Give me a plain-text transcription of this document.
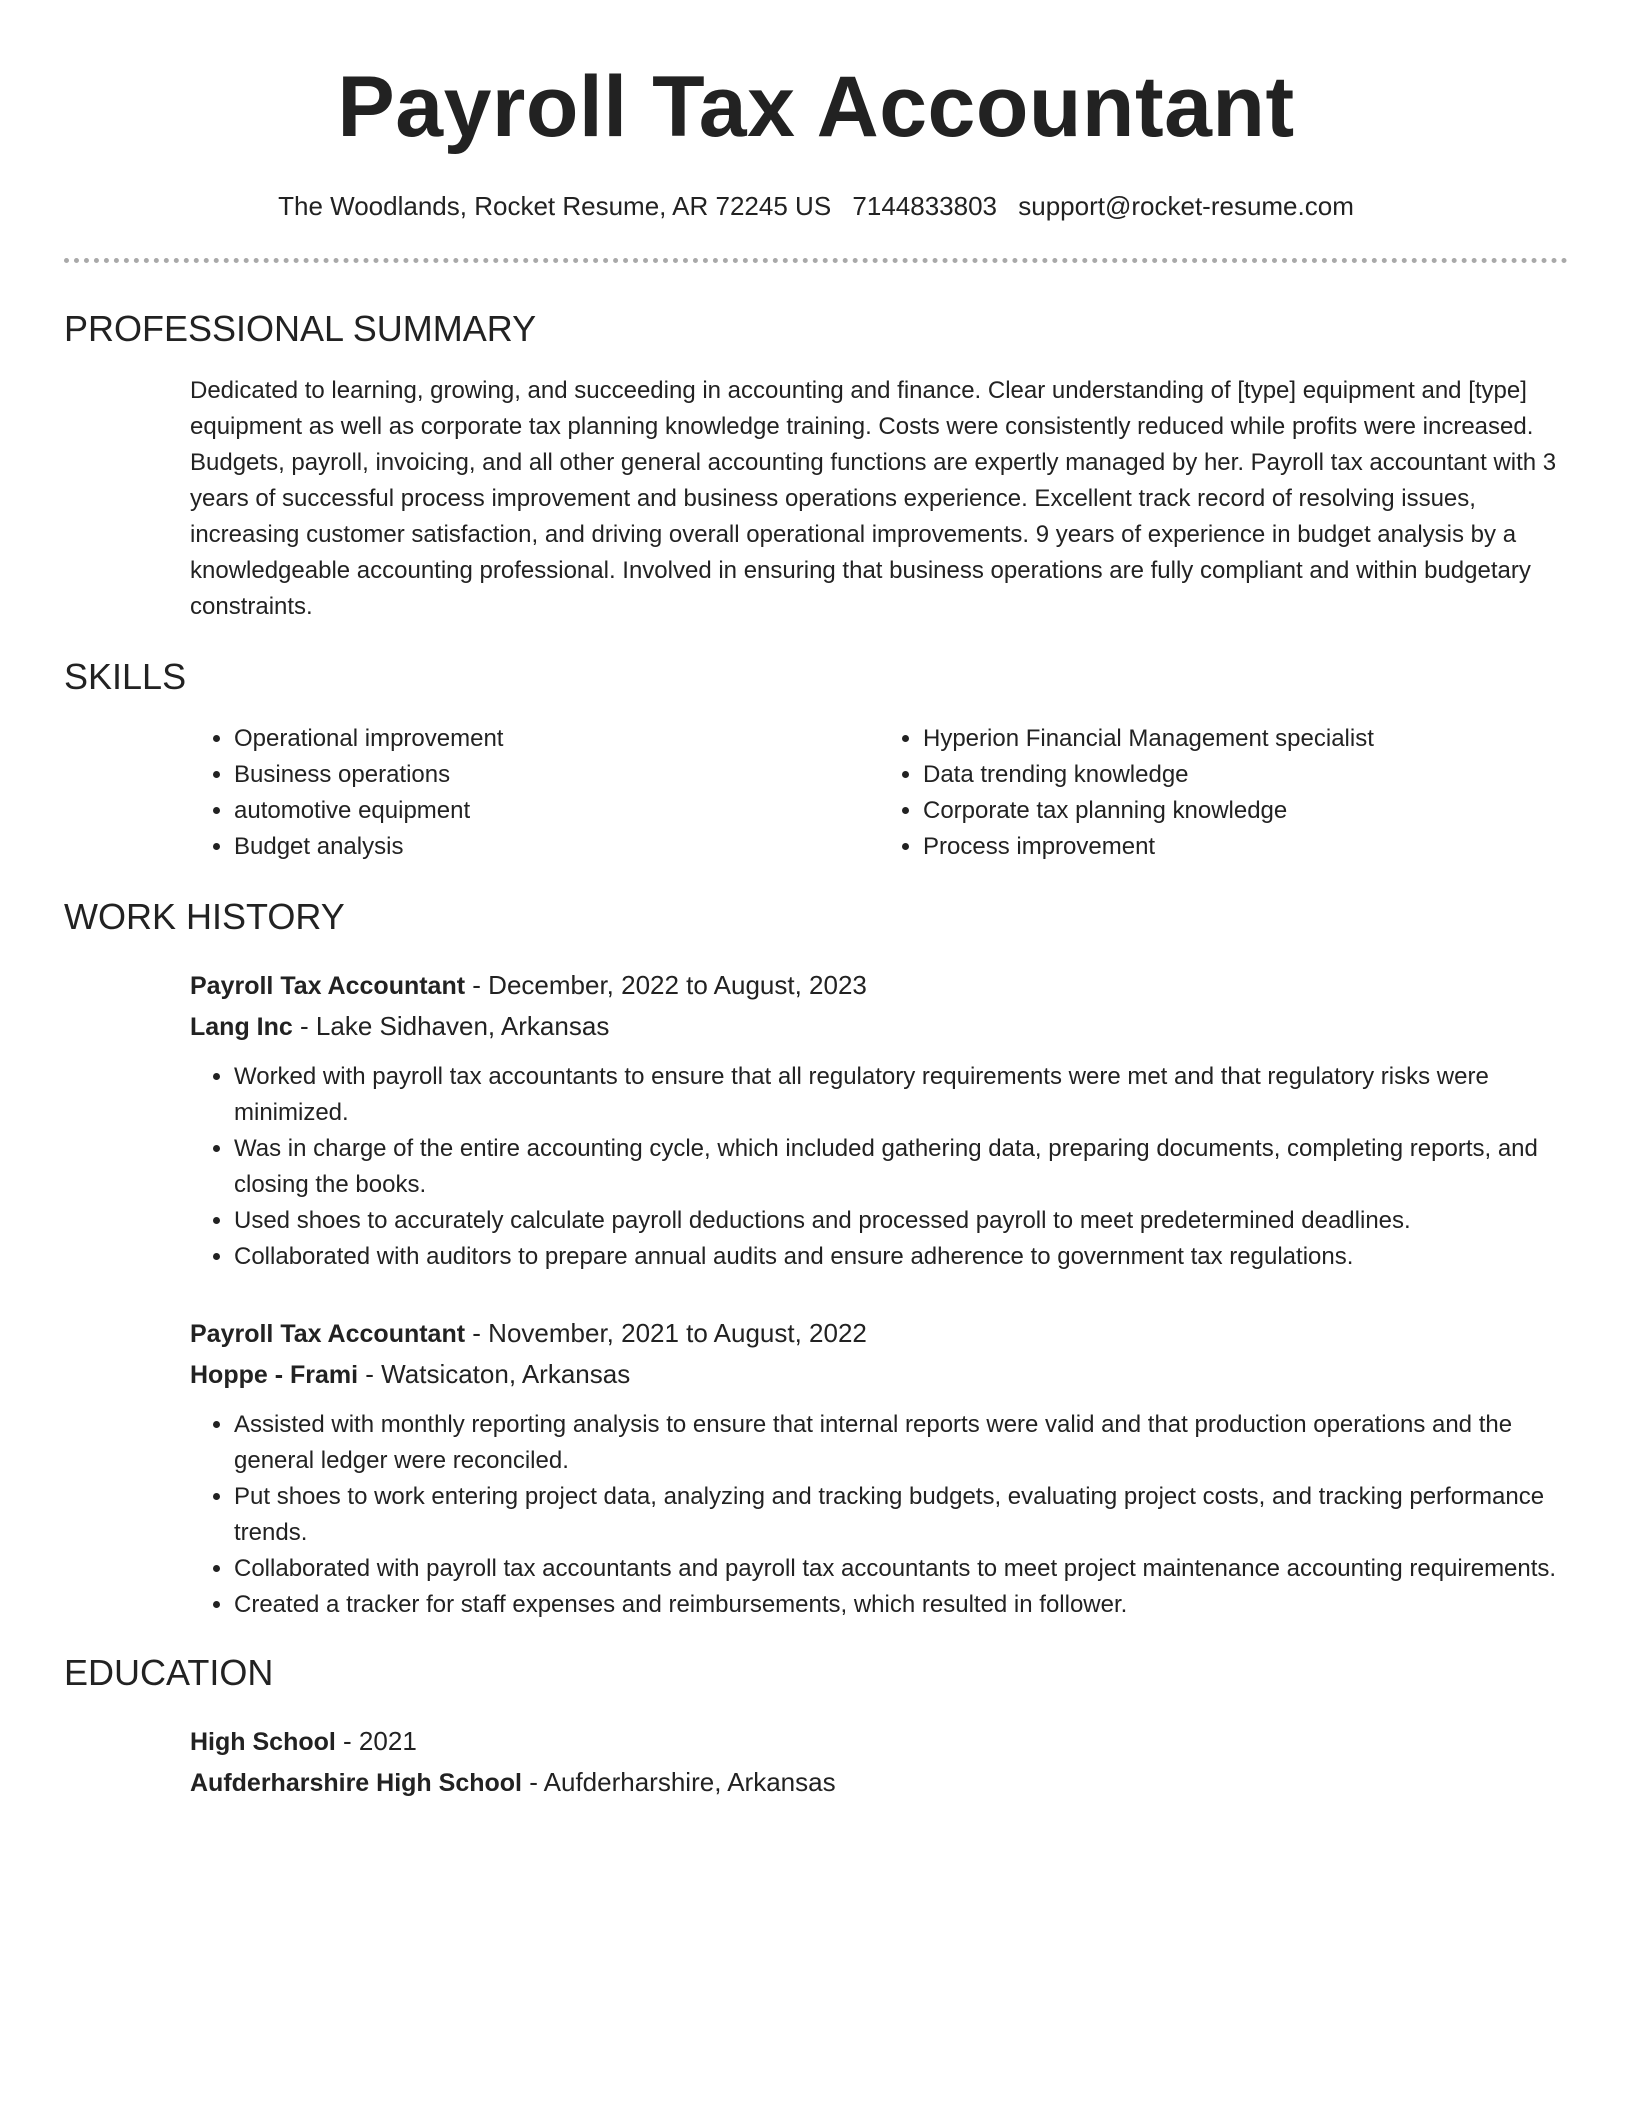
Payroll Tax Accountant
The Woodlands, Rocket Resume, AR 72245 US 7144833803 support@rocket-resume.com
PROFESSIONAL SUMMARY
Dedicated to learning, growing, and succeeding in accounting and finance. Clear understanding of [type] equipment and [type] equipment as well as corporate tax planning knowledge training. Costs were consistently reduced while profits were increased. Budgets, payroll, invoicing, and all other general accounting functions are expertly managed by her. Payroll tax accountant with 3 years of successful process improvement and business operations experience. Excellent track record of resolving issues, increasing customer satisfaction, and driving overall operational improvements. 9 years of experience in budget analysis by a knowledgeable accounting professional. Involved in ensuring that business operations are fully compliant and within budgetary constraints.
SKILLS
• Operational improvement
• Business operations
• automotive equipment
• Budget analysis
• Hyperion Financial Management specialist
• Data trending knowledge
• Corporate tax planning knowledge
• Process improvement
WORK HISTORY
Payroll Tax Accountant - December, 2022 to August, 2023
Lang Inc - Lake Sidhaven, Arkansas
• Worked with payroll tax accountants to ensure that all regulatory requirements were met and that regulatory risks were minimized.
• Was in charge of the entire accounting cycle, which included gathering data, preparing documents, completing reports, and closing the books.
• Used shoes to accurately calculate payroll deductions and processed payroll to meet predetermined deadlines.
• Collaborated with auditors to prepare annual audits and ensure adherence to government tax regulations.
Payroll Tax Accountant - November, 2021 to August, 2022
Hoppe - Frami - Watsicaton, Arkansas
• Assisted with monthly reporting analysis to ensure that internal reports were valid and that production operations and the general ledger were reconciled.
• Put shoes to work entering project data, analyzing and tracking budgets, evaluating project costs, and tracking performance trends.
• Collaborated with payroll tax accountants and payroll tax accountants to meet project maintenance accounting requirements.
• Created a tracker for staff expenses and reimbursements, which resulted in follower.
EDUCATION
High School - 2021
Aufderharshire High School - Aufderharshire, Arkansas
